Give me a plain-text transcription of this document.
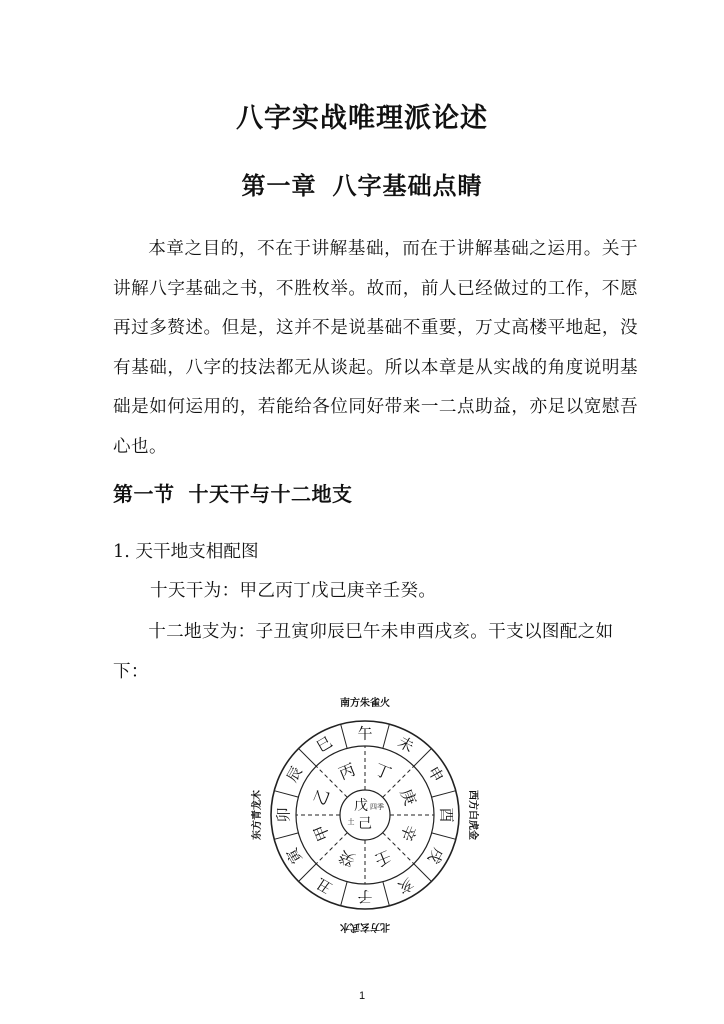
八字实战唯理派论述
第一章 八字基础点睛
本章之目的，不在于讲解基础，而在于讲解基础之运用。关于讲解八字基础之书，不胜枚举。故而，前人已经做过的工作，不愿再过多赘述。但是，这并不是说基础不重要，万丈高楼平地起，没有基础，八字的技法都无从谈起。所以本章是从实战的角度说明基础是如何运用的，若能给各位同好带来一二点助益，亦足以宽慰吾心也。
第一节 十天干与十二地支
1. 天干地支相配图
十天干为：甲乙丙丁戊己庚辛壬癸。
十二地支为：子丑寅卯辰巳午未申酉戌亥。干支以图配之如下：
午 未
申
酉
戌
亥
子
丑
寅
卯
辰
巳
丁
庚
辛
壬
癸
甲
乙
丙
南方朱雀火
北方玄武水
东方青龙木	西方白虎金
戊
己
四季
土
1
